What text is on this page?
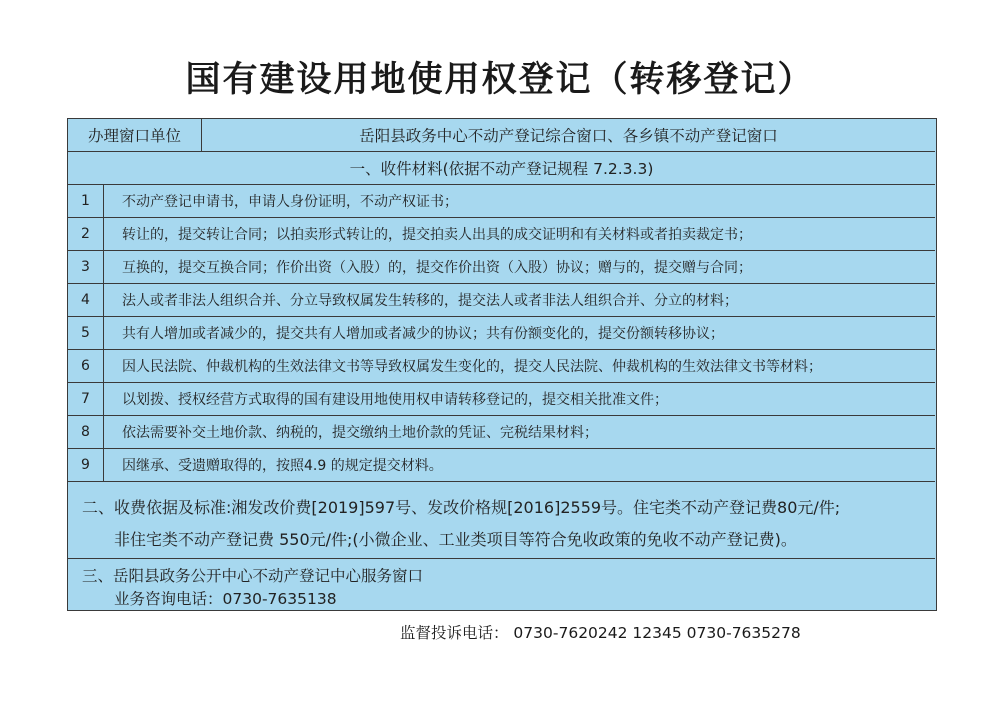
国有建设用地使用权登记（转移登记）
办理窗口单位	岳阳县政务中心不动产登记综合窗口、各乡镇不动产登记窗口
一、收件材料(依据不动产登记规程 7.2.3.3)
1	不动产登记申请书，申请人身份证明，不动产权证书；
2	转让的，提交转让合同；以拍卖形式转让的，提交拍卖人出具的成交证明和有关材料或者拍卖裁定书；
3	互换的，提交互换合同；作价出资（入股）的，提交作价出资（入股）协议；赠与的，提交赠与合同；
4	法人或者非法人组织合并、分立导致权属发生转移的，提交法人或者非法人组织合并、分立的材料；
5	共有人增加或者减少的，提交共有人增加或者减少的协议；共有份额变化的，提交份额转移协议；
6	因人民法院、仲裁机构的生效法律文书等导致权属发生变化的，提交人民法院、仲裁机构的生效法律文书等材料；
7	以划拨、授权经营方式取得的国有建设用地使用权申请转移登记的，提交相关批准文件；
8	依法需要补交土地价款、纳税的，提交缴纳土地价款的凭证、完税结果材料；
9	因继承、受遗赠取得的，按照4.9 的规定提交材料。
二、收费依据及标准:湘发改价费[2019]597号、发改价格规[2016]2559号。住宅类不动产登记费80元/件;
非住宅类不动产登记费 550元/件;(小微企业、工业类项目等符合免收政策的免收不动产登记费)。
三、岳阳县政务公开中心不动产登记中心服务窗口
业务咨询电话：0730-7635138
监督投诉电话： 0730-7620242 12345 0730-7635278
